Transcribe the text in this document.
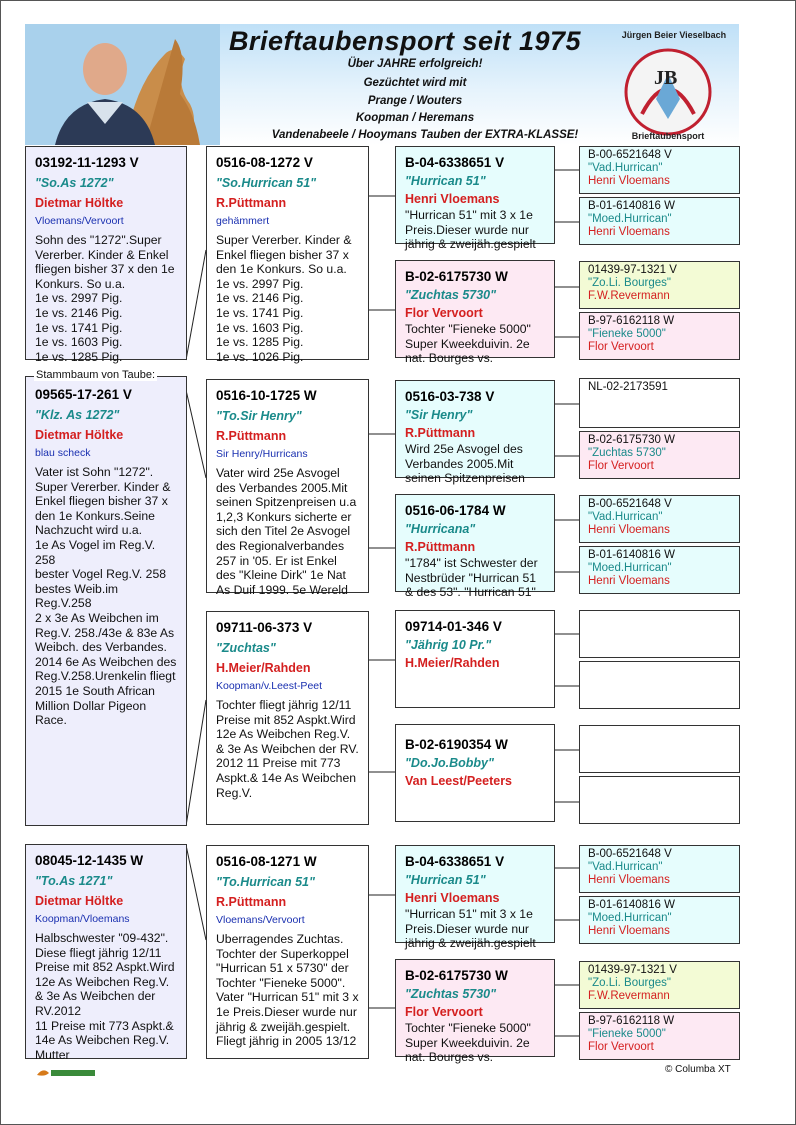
Brieftaubensport seit 1975
Über JAHRE erfolgreich!
Gezüchtet wird mit
Prange / Wouters
Koopman / Heremans
Vandenabeele / Hooymans Tauben der EXTRA-KLASSE!
Jürgen Beier Vieselbach
JB
Brieftaubensport
03192-11-1293 V
"So.As 1272"
Dietmar Höltke
Vloemans/Vervoort
Sohn des "1272".Super Vererber. Kinder & Enkel fliegen bisher 37 x den 1e Konkurs. So u.a.
1e vs. 2997 Pig.
1e vs. 2146 Pig.
1e vs. 1741 Pig.
1e vs. 1603 Pig.
1e vs. 1285 Pig.
09565-17-261 V
"Klz. As 1272"
Dietmar Höltke
blau scheck
Vater ist Sohn "1272". Super Vererber. Kinder & Enkel fliegen bisher 37 x den 1e Konkurs.Seine Nachzucht wird u.a.
1e As Vogel im Reg.V. 258
bester Vogel Reg.V. 258
bestes Weib.im Reg.V.258
2 x 3e As Weibchen im Reg.V. 258./43e & 83e As Weibch. des Verbandes.
2014 6e As Weibchen des Reg.V.258.Urenkelin fliegt
2015 1e South African Million Dollar Pigeon Race.
Stammbaum von Taube:
08045-12-1435 W
"To.As 1271"
Dietmar Höltke
Koopman/Vloemans
Halbschwester "09-432". Diese fliegt jährig 12/11 Preise mit 852 Aspkt.Wird 12e As Weibchen Reg.V. & 3e As Weibchen der RV.2012
11 Preise mit 773 Aspkt.& 14e As Weibchen Reg.V. Mutter
0516-08-1272 V
"So.Hurrican 51"
R.Püttmann
gehämmert
Super Vererber. Kinder & Enkel fliegen bisher 37 x den 1e Konkurs. So u.a.
1e vs. 2997 Pig.
1e vs. 2146 Pig.
1e vs. 1741 Pig.
1e vs. 1603 Pig.
1e vs. 1285 Pig.
1e vs. 1026 Pig.
0516-10-1725 W
"To.Sir Henry"
R.Püttmann
Sir Henry/Hurricans
Vater wird 25e Asvogel des Verbandes 2005.Mit seinen Spitzenpreisen u.a 1,2,3 Konkurs sicherte er sich den Titel 2e Asvogel des Regionalverbandes 257 in '05. Er ist Enkel des "Kleine Dirk" 1e Nat As Duif 1999. 5e Wereld
09711-06-373 V
"Zuchtas"
H.Meier/Rahden
Koopman/v.Leest-Peet
Tochter fliegt jährig 12/11 Preise mit 852 Aspkt.Wird 12e As Weibchen Reg.V. & 3e As Weibchen der RV.
2012 11 Preise mit 773 Aspkt.& 14e As Weibchen Reg.V.
0516-08-1271 W
"To.Hurrican 51"
R.Püttmann
Vloemans/Vervoort
Uberragendes Zuchtas. Tochter der Superkoppel "Hurrican 51 x 5730" der Tochter "Fieneke 5000". Vater "Hurrican 51" mit 3 x 1e Preis.Dieser wurde nur jährig & zweijäh.gespielt. Fliegt jährig in 2005 13/12
B-04-6338651 V
"Hurrican 51"
Henri Vloemans
"Hurrican 51" mit 3 x 1e Preis.Dieser wurde nur jährig & zweijäh.gespielt
B-02-6175730 W
"Zuchtas 5730"
Flor Vervoort
Tochter "Fieneke 5000" Super Kweekduivin. 2e nat. Bourges vs.
0516-03-738 V
"Sir Henry"
R.Püttmann
Wird 25e Asvogel des Verbandes 2005.Mit seinen Spitzenpreisen
0516-06-1784 W
"Hurricana"
R.Püttmann
"1784" ist Schwester der Nestbrüder "Hurrican 51 & des 53". "Hurrican 51"
09714-01-346 V
"Jährig 10 Pr."
H.Meier/Rahden
B-02-6190354 W
"Do.Jo.Bobby"
Van Leest/Peeters
B-04-6338651 V
"Hurrican 51"
Henri Vloemans
"Hurrican 51" mit 3 x 1e Preis.Dieser wurde nur jährig & zweijäh.gespielt
B-02-6175730 W
"Zuchtas 5730"
Flor Vervoort
Tochter "Fieneke 5000" Super Kweekduivin. 2e nat. Bourges vs.
B-00-6521648 V
"Vad.Hurrican"
Henri Vloemans
B-01-6140816 W
"Moed.Hurrican"
Henri Vloemans
01439-97-1321 V
"Zo.Li. Bourges"
F.W.Revermann
B-97-6162118 W
"Fieneke 5000"
Flor Vervoort
NL-02-2173591
B-02-6175730 W
"Zuchtas 5730"
Flor Vervoort
B-00-6521648 V
"Vad.Hurrican"
Henri Vloemans
B-01-6140816 W
"Moed.Hurrican"
Henri Vloemans
B-00-6521648 V
"Vad.Hurrican"
Henri Vloemans
B-01-6140816 W
"Moed.Hurrican"
Henri Vloemans
01439-97-1321 V
"Zo.Li. Bourges"
F.W.Revermann
B-97-6162118 W
"Fieneke 5000"
Flor Vervoort
© Columba XT
